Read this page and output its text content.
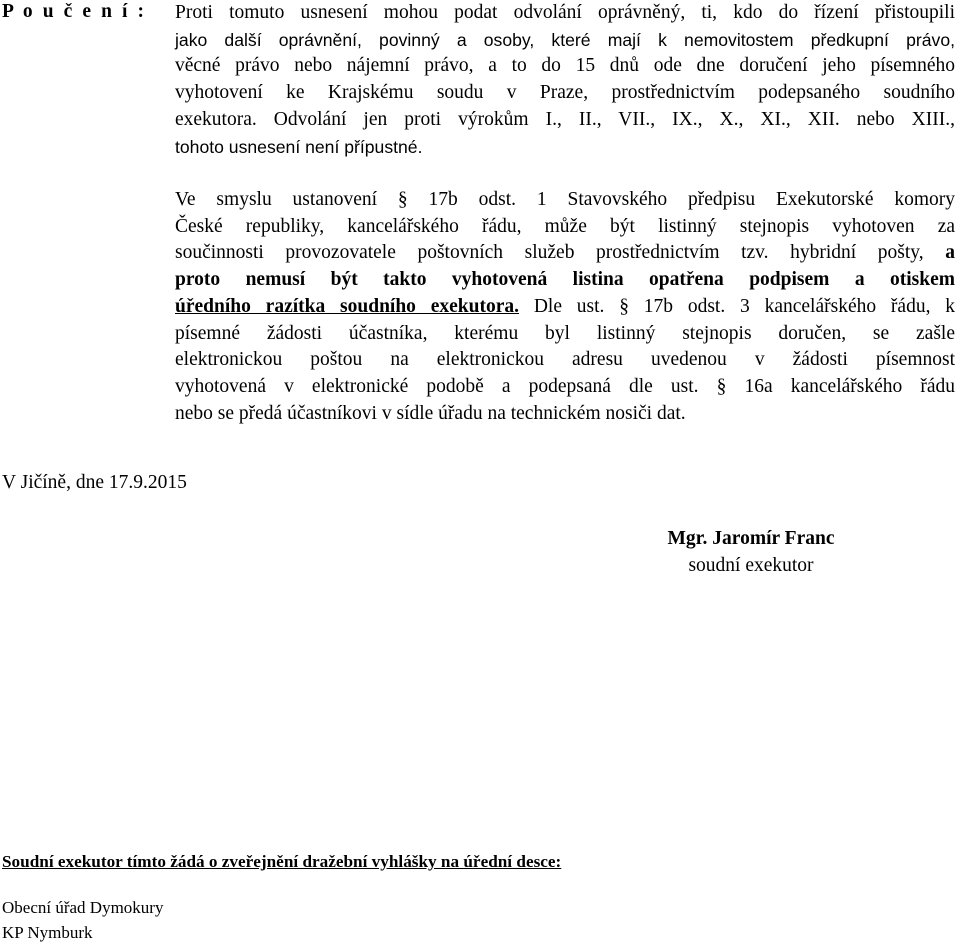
P o u č e n í : Proti tomuto usnesení mohou podat odvolání oprávněný, ti, kdo do řízení přistoupili
jako další oprávnění, povinný a osoby, které mají k nemovitostem předkupní právo,
věcné právo nebo nájemní právo, a to do 15 dnů ode dne doručení jeho písemného
vyhotovení ke Krajskému soudu v Praze, prostřednictvím podepsaného soudního
exekutora. Odvolání jen proti výrokům I., II., VII., IX., X., XI., XII. nebo XIII.,
tohoto usnesení není přípustné.
Ve smyslu ustanovení § 17b odst. 1 Stavovského předpisu Exekutorské komory
České republiky, kancelářského řádu, může být listinný stejnopis vyhotoven za
součinnosti provozovatele poštovních služeb prostřednictvím tzv. hybridní pošty, a
proto nemusí být takto vyhotovená listina opatřena podpisem a otiskem
úředního razítka soudního exekutora. Dle ust. § 17b odst. 3 kancelářského řádu, k
písemné žádosti účastníka, kterému byl listinný stejnopis doručen, se zašle
elektronickou poštou na elektronickou adresu uvedenou v žádosti písemnost
vyhotovená v elektronické podobě a podepsaná dle ust. § 16a kancelářského řádu
nebo se předá účastníkovi v sídle úřadu na technickém nosiči dat.
V Jičíně, dne 17.9.2015
Mgr. Jaromír Franc
soudní exekutor
Soudní exekutor tímto žádá o zveřejnění dražební vyhlášky na úřední desce:
Obecní úřad Dymokury
KP Nymburk
